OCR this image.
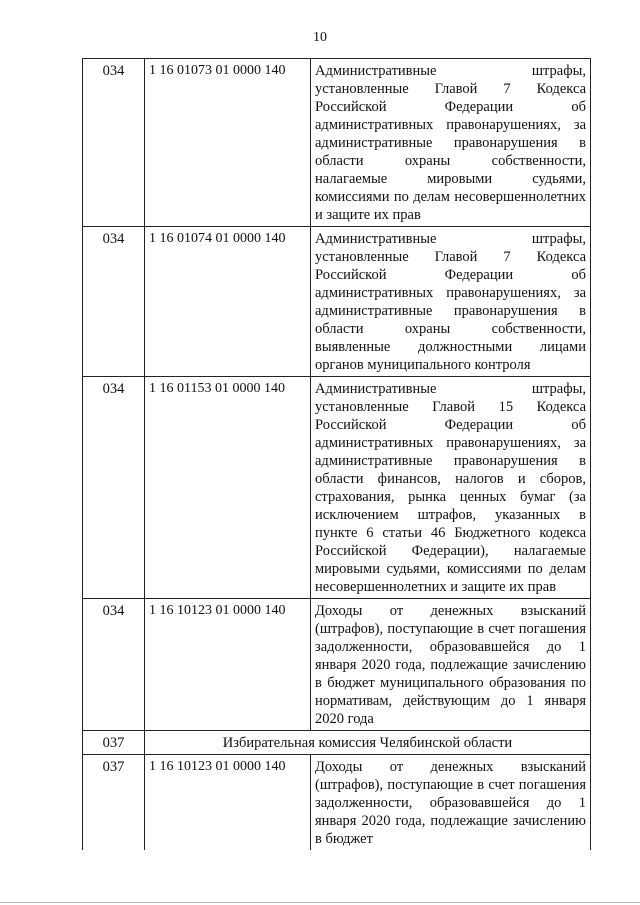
10
034	1 16 01073 01 0000 140	Административные штрафы, установленные Главой 7 Кодекса Российской Федерации об административных правонарушениях, за административные правонарушения в области охраны собственности, налагаемые мировыми судьями, комиссиями по делам несовершеннолетних и защите их прав
034	1 16 01074 01 0000 140	Административные штрафы, установленные Главой 7 Кодекса Российской Федерации об административных правонарушениях, за административные правонарушения в области охраны собственности, выявленные должностными лицами органов муниципального контроля
034	1 16 01153 01 0000 140	Административные штрафы, установленные Главой 15 Кодекса Российской Федерации об административных правонарушениях, за административные правонарушения в области финансов, налогов и сборов, страхования, рынка ценных бумаг (за исключением штрафов, указанных в пункте 6 статьи 46 Бюджетного кодекса Российской Федерации), налагаемые мировыми судьями, комиссиями по делам несовершеннолетних и защите их прав
034	1 16 10123 01 0000 140	Доходы от денежных взысканий (штрафов), поступающие в счет погашения задолженности, образовавшейся до 1 января 2020 года, подлежащие зачислению в бюджет муниципального образования по нормативам, действующим до 1 января 2020 года
037	Избирательная комиссия Челябинской области	
037	1 16 10123 01 0000 140	Доходы от денежных взысканий (штрафов), поступающие в счет погашения задолженности, образовавшейся до 1 января 2020 года, подлежащие зачислению в бюджет
